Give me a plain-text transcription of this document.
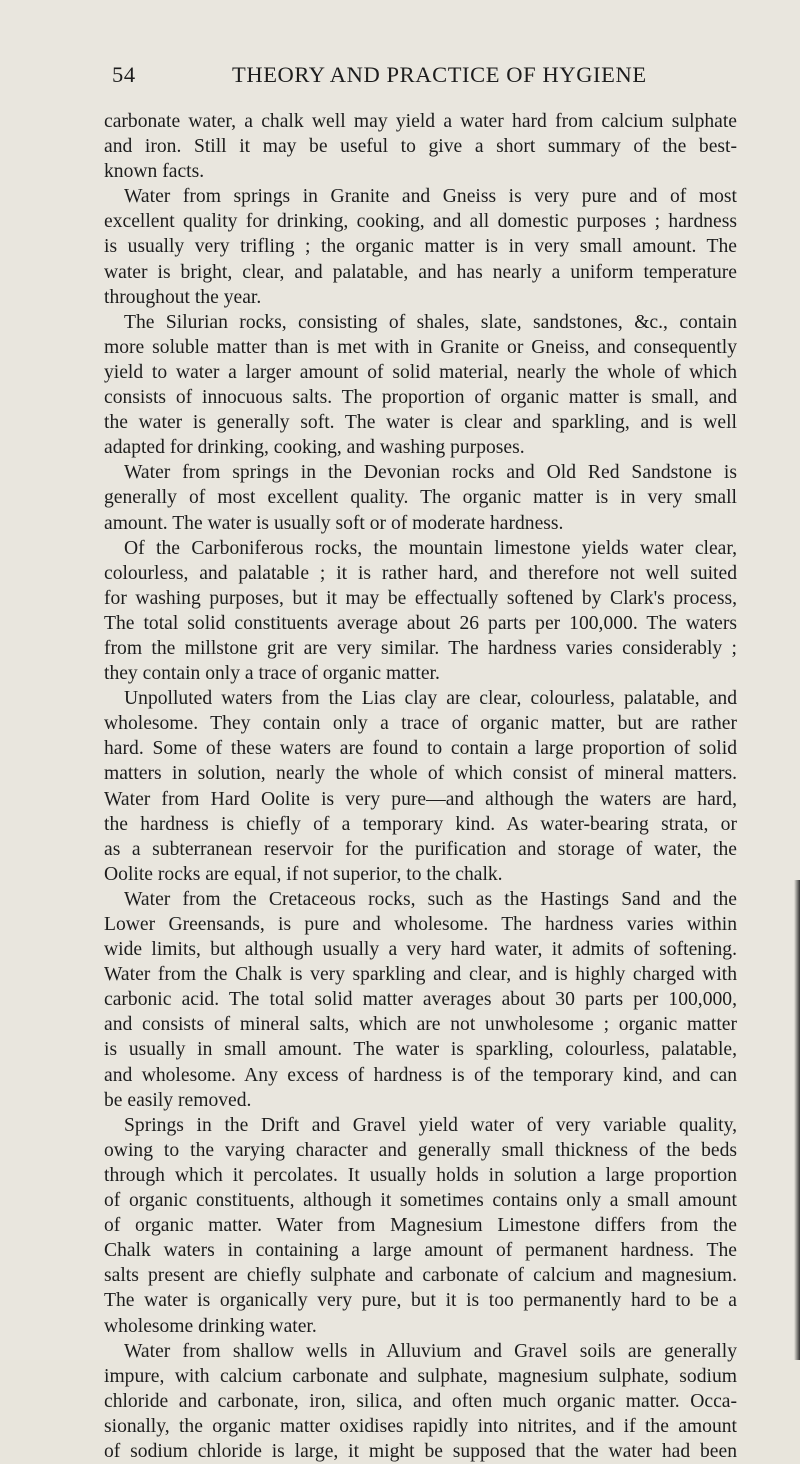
54	THEORY AND PRACTICE OF HYGIENE
carbonate water, a chalk well may yield a water hard from calcium sulphate
and iron. Still it may be useful to give a short summary of the best-
known facts.
Water from springs in Granite and Gneiss is very pure and of most
excellent quality for drinking, cooking, and all domestic purposes ; hardness
is usually very trifling ; the organic matter is in very small amount. The
water is bright, clear, and palatable, and has nearly a uniform temperature
throughout the year.
The Silurian rocks, consisting of shales, slate, sandstones, &c., contain
more soluble matter than is met with in Granite or Gneiss, and consequently
yield to water a larger amount of solid material, nearly the whole of which
consists of innocuous salts. The proportion of organic matter is small, and
the water is generally soft. The water is clear and sparkling, and is well
adapted for drinking, cooking, and washing purposes.
Water from springs in the Devonian rocks and Old Red Sandstone is
generally of most excellent quality. The organic matter is in very small
amount. The water is usually soft or of moderate hardness.
Of the Carboniferous rocks, the mountain limestone yields water clear,
colourless, and palatable ; it is rather hard, and therefore not well suited
for washing purposes, but it may be effectually softened by Clark's process,
The total solid constituents average about 26 parts per 100,000. The waters
from the millstone grit are very similar. The hardness varies considerably ;
they contain only a trace of organic matter.
Unpolluted waters from the Lias clay are clear, colourless, palatable, and
wholesome. They contain only a trace of organic matter, but are rather
hard. Some of these waters are found to contain a large proportion of solid
matters in solution, nearly the whole of which consist of mineral matters.
Water from Hard Oolite is very pure—and although the waters are hard,
the hardness is chiefly of a temporary kind. As water-bearing strata, or
as a subterranean reservoir for the purification and storage of water, the
Oolite rocks are equal, if not superior, to the chalk.
Water from the Cretaceous rocks, such as the Hastings Sand and the
Lower Greensands, is pure and wholesome. The hardness varies within
wide limits, but although usually a very hard water, it admits of softening.
Water from the Chalk is very sparkling and clear, and is highly charged with
carbonic acid. The total solid matter averages about 30 parts per 100,000,
and consists of mineral salts, which are not unwholesome ; organic matter
is usually in small amount. The water is sparkling, colourless, palatable,
and wholesome. Any excess of hardness is of the temporary kind, and can
be easily removed.
Springs in the Drift and Gravel yield water of very variable quality,
owing to the varying character and generally small thickness of the beds
through which it percolates. It usually holds in solution a large proportion
of organic constituents, although it sometimes contains only a small amount
of organic matter. Water from Magnesium Limestone differs from the
Chalk waters in containing a large amount of permanent hardness. The
salts present are chiefly sulphate and carbonate of calcium and magnesium.
The water is organically very pure, but it is too permanently hard to be a
wholesome drinking water.
Water from shallow wells in Alluvium and Gravel soils are generally
impure, with calcium carbonate and sulphate, magnesium sulphate, sodium
chloride and carbonate, iron, silica, and often much organic matter. Occa-
sionally, the organic matter oxidises rapidly into nitrites, and if the amount
of sodium chloride is large, it might be supposed that the water had been
